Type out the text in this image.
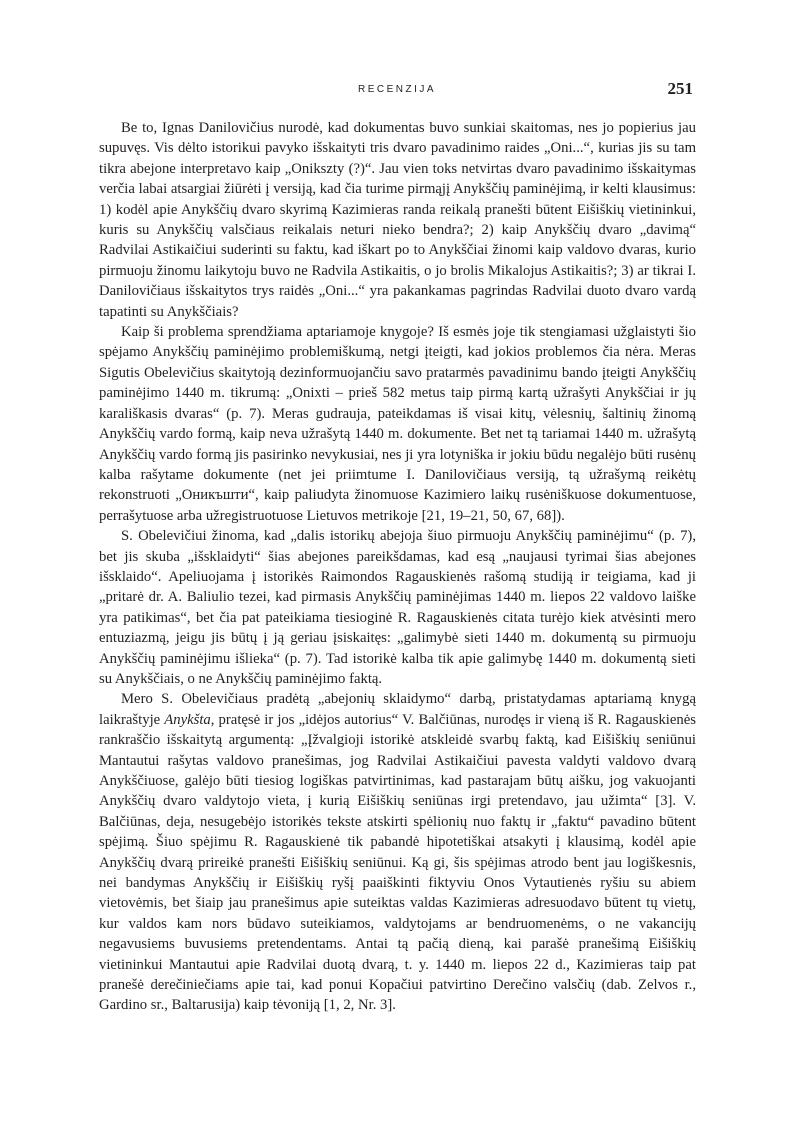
RECENZIJA	251

Be to, Ignas Danilovičius nurodė, kad dokumentas buvo sunkiai skaitomas, nes jo popierius jau supuvęs. Vis dėlto istorikui pavyko išskaityti tris dvaro pavadinimo raides „Oni...“, kurias jis su tam tikra abejone interpretavo kaip „Onikszty (?)“. Jau vien toks netvirtas dvaro pavadinimo išskaitymas verčia labai atsargiai žiūrėti į versiją, kad čia turime pirmąjį Anykščių paminėjimą, ir kelti klausimus: 1) kodėl apie Anykščių dvaro skyrimą Kazimieras randa reikalą pranešti būtent Eišiškių vietininkui, kuris su Anykščių valsčiaus reikalais neturi nieko bendra?; 2) kaip Anykščių dvaro „davimą“ Radvilai Astikaičiui suderinti su faktu, kad iškart po to Anykščiai žinomi kaip valdovo dvaras, kurio pirmuoju žinomu laikytoju buvo ne Radvila Astikaitis, o jo brolis Mikalojus Astikaitis?; 3) ar tikrai I. Danilovičiaus išskaitytos trys raidės „Oni...“ yra pakankamas pagrindas Radvilai duoto dvaro vardą tapatinti su Anykščiais?

Kaip ši problema sprendžiama aptariamoje knygoje? Iš esmės joje tik stengiamasi užglaistyti šio spėjamo Anykščių paminėjimo problemiškumą, netgi įteigti, kad jokios problemos čia nėra. Meras Sigutis Obelevičius skaitytoją dezinformuojančiu savo pratarmės pavadinimu bando įteigti Anykščių paminėjimo 1440 m. tikrumą: „Onixti – prieš 582 metus taip pirmą kartą užrašyti Anykščiai ir jų karališkasis dvaras“ (p. 7). Meras gudrauja, pateikdamas iš visai kitų, vėlesnių, šaltinių žinomą Anykščių vardo formą, kaip neva užrašytą 1440 m. dokumente. Bet net tą tariamai 1440 m. užrašytą Anykščių vardo formą jis pasirinko nevykusiai, nes ji yra lotyniška ir jokiu būdu negalėjo būti rusėnų kalba rašytame dokumente (net jei priimtume I. Danilovičiaus versiją, tą užrašymą reikėtų rekonstruoti „Оникъшти“, kaip paliudyta žinomuose Kazimiero laikų rusėniškuose dokumentuose, perrašytuose arba užregistruotuose Lietuvos metrikoje [21, 19–21, 50, 67, 68]).

S. Obelevičiui žinoma, kad „dalis istorikų abejoja šiuo pirmuoju Anykščių paminėjimu“ (p. 7), bet jis skuba „išsklaidyti“ šias abejones pareikšdamas, kad esą „naujausi tyrimai šias abejones išsklaido“. Apeliuojama į istorikės Raimondos Ragauskienės rašomą studiją ir teigiama, kad ji „pritarė dr. A. Baliulio tezei, kad pirmasis Anykščių paminėjimas 1440 m. liepos 22 valdovo laiške yra patikimas“, bet čia pat pateikiama tiesioginė R. Ragauskienės citata turėjo kiek atvėsinti mero entuziazmą, jeigu jis būtų į ją geriau įsiskaitęs: „galimybė sieti 1440 m. dokumentą su pirmuoju Anykščių paminėjimu išlieka“ (p. 7). Tad istorikė kalba tik apie galimybę 1440 m. dokumentą sieti su Anykščiais, o ne Anykščių paminėjimo faktą.

Mero S. Obelevičiaus pradėtą „abejonių sklaidymo“ darbą, pristatydamas aptariamą knygą laikraštyje Anykšta, pratęsė ir jos „idėjos autorius“ V. Balčiūnas, nurodęs ir vieną iš R. Ragauskienės rankraščio išskaitytą argumentą: „Įžvalgioji istorikė atskleidė svarbų faktą, kad Eišiškių seniūnui Mantautui rašytas valdovo pranešimas, jog Radvilai Astikaičiui pavesta valdyti valdovo dvarą Anykščiuose, galėjo būti tiesiog logiškas patvirtinimas, kad pastarajam būtų aišku, jog vakuojanti Anykščių dvaro valdytojo vieta, į kurią Eišiškių seniūnas irgi pretendavo, jau užimta“ [3]. V. Balčiūnas, deja, nesugebėjo istorikės tekste atskirti spėlionių nuo faktų ir „faktu“ pavadino būtent spėjimą. Šiuo spėjimu R. Ragauskienė tik pabandė hipotetiškai atsakyti į klausimą, kodėl apie Anykščių dvarą prireikė pranešti Eišiškių seniūnui. Ką gi, šis spėjimas atrodo bent jau logiškesnis, nei bandymas Anykščių ir Eišiškių ryšį paaiškinti fiktyviu Onos Vytautienės ryšiu su abiem vietovėmis, bet šiaip jau pranešimus apie suteiktas valdas Kazimieras adresuodavo būtent tų vietų, kur valdos kam nors būdavo suteikiamos, valdytojams ar bendruomenėms, o ne vakancijų negavusiems buvusiems pretendentams. Antai tą pačią dieną, kai parašė pranešimą Eišiškių vietininkui Mantautui apie Radvilai duotą dvarą, t. y. 1440 m. liepos 22 d., Kazimieras taip pat pranešė derečiniečiams apie tai, kad ponui Kopačiui patvirtino Derečino valsčių (dab. Zelvos r., Gardino sr., Baltarusija) kaip tėvoniją [1, 2, Nr. 3].
